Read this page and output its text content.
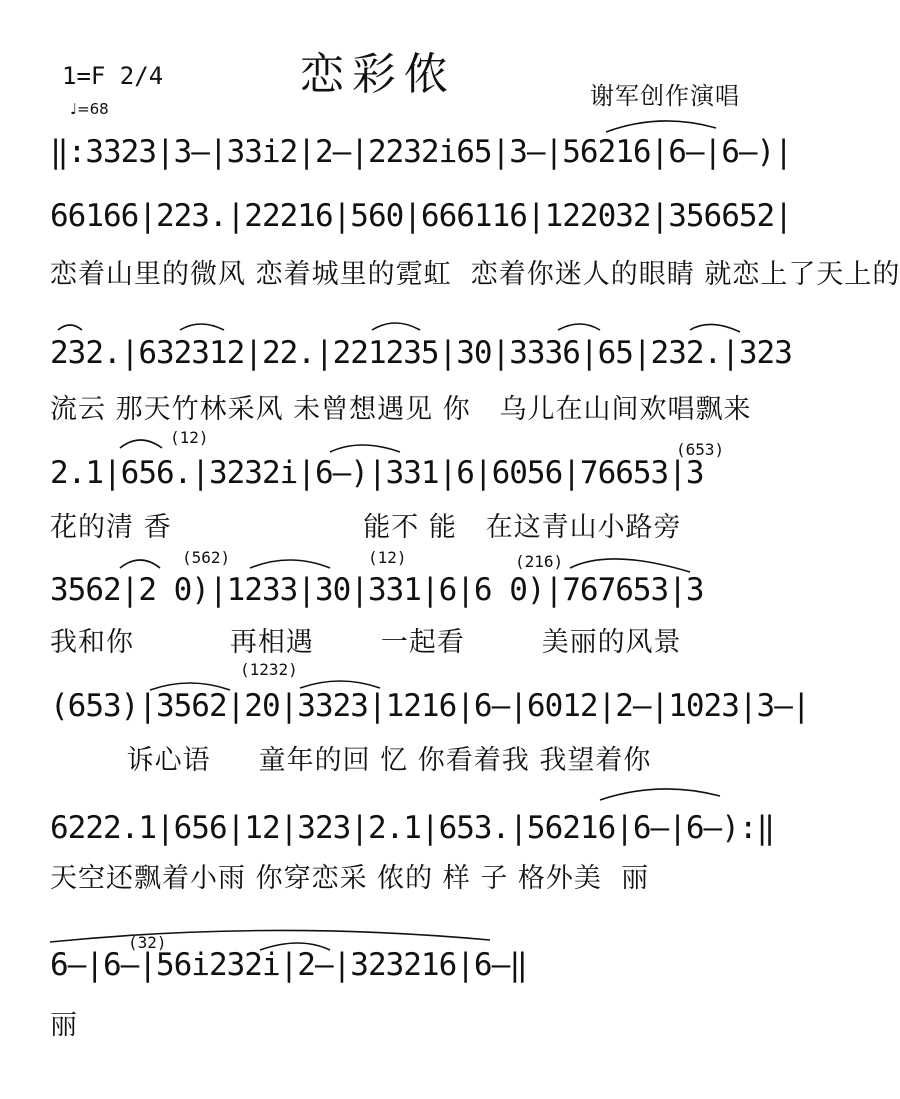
1=F 2/4
♩=68
恋彩侬	谢军创作演唱
‖:3323|3–|33i2|2–|2232i65|3–|56216|6–|6–)|
66166|223.|22216|560|666116|122032|356652|
恋着山里的微风 恋着城里的霓虹  恋着你迷人的眼睛 就恋上了天上的
232.|632312|22.|221235|30|3336|65|232.|323
流云 那天竹林采风 未曾想遇见 你   乌儿在山间欢唱飘来
2.1|656.|3232i|6–)|331|6|6056|76653|3
花的清 香                    能不 能   在这青山小路旁
3562|2 0)|1233|30|331|6|6 0)|767653|3
我和你          再相遇       一起看        美丽的风景
(653)|3562|20|3323|1216|6–|6012|2–|1023|3–|
诉心语     童年的回 忆 你看着我 我望着你
6222.1|656|12|323|2.1|653.|56216|6–|6–):‖
天空还飘着小雨 你穿恋采 侬的 样 子 格外美  丽
6–|6–|56i232i|2–|323216|6–‖
丽
(12)
(653)
(562)	(12)	(216)
(1232)
(32)
